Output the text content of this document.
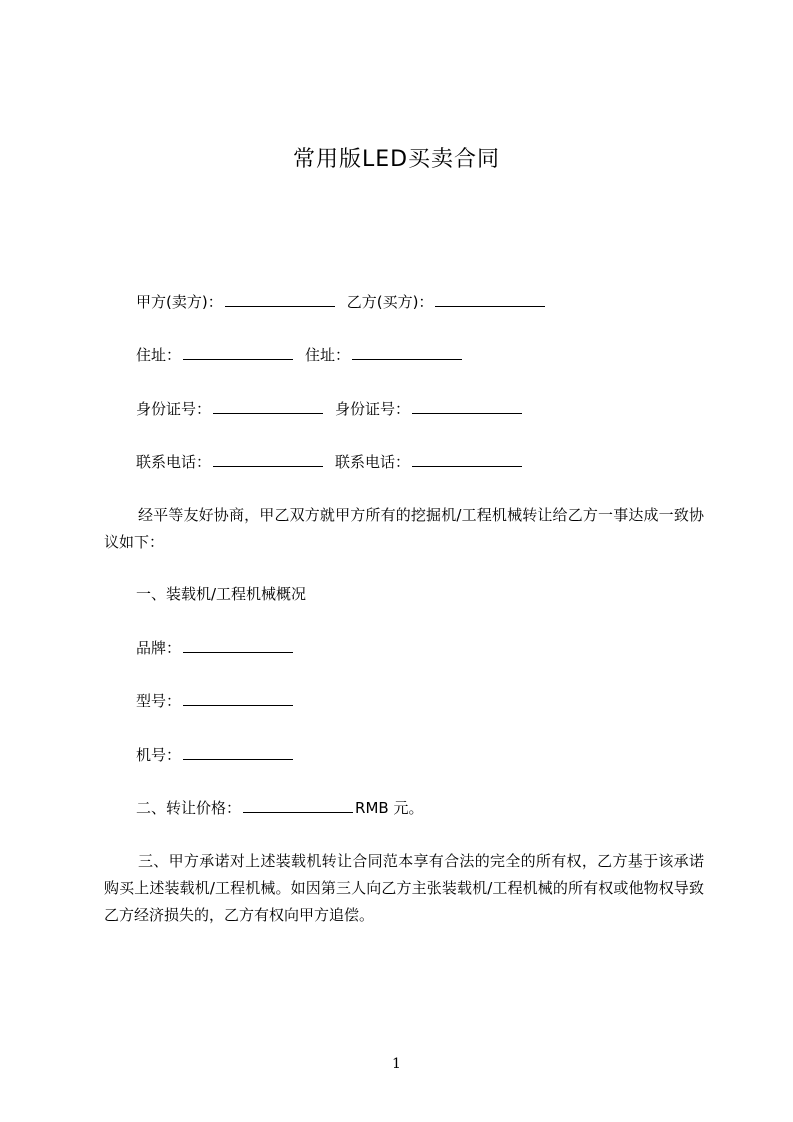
常用版LED买卖合同
甲方(卖方)：	乙方(买方)：
住址：	住址：
身份证号：	身份证号：
联系电话：	联系电话：
经平等友好协商，甲乙双方就甲方所有的挖掘机/工程机械转让给乙方一事达成一致协议如下：
一、装载机/工程机械概况
品牌：
型号：
机号：
二、转让价格：	RMB 元。
三、甲方承诺对上述装载机转让合同范本享有合法的完全的所有权，乙方基于该承诺购买上述装载机/工程机械。如因第三人向乙方主张装载机/工程机械的所有权或他物权导致乙方经济损失的，乙方有权向甲方追偿。
1
